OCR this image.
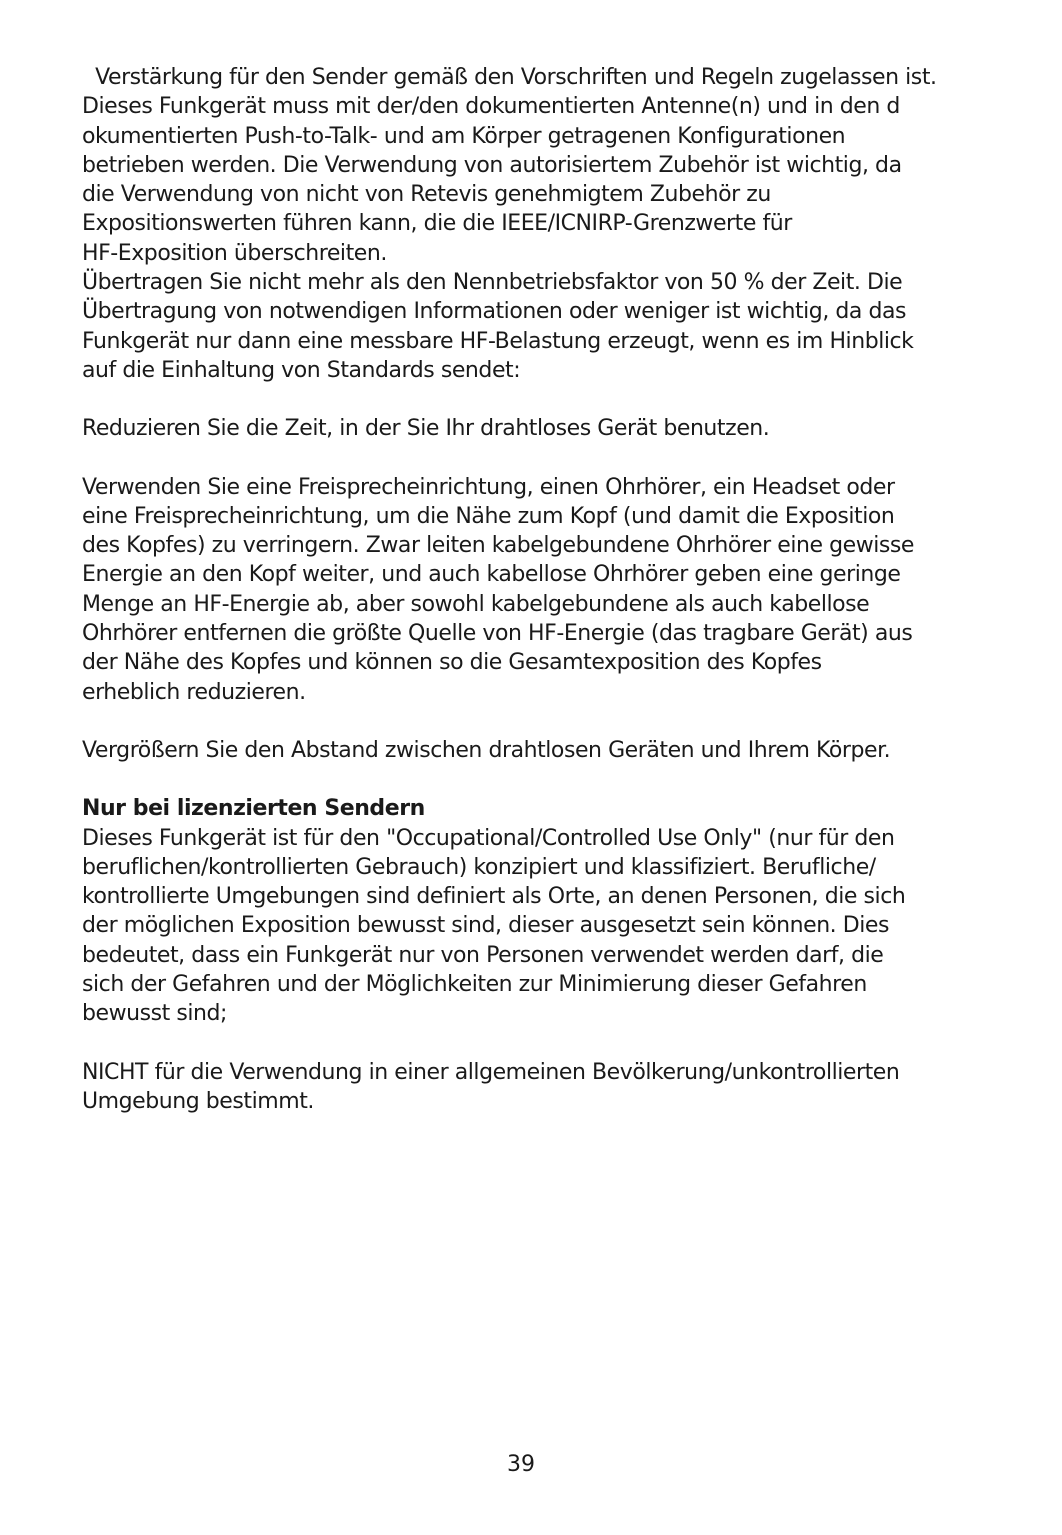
Verstärkung für den Sender gemäß den Vorschriften und Regeln zugelassen ist.
Dieses Funkgerät muss mit der/den dokumentierten Antenne(n) und in den d
okumentierten Push-to-Talk- und am Körper getragenen Konfigurationen
betrieben werden. Die Verwendung von autorisiertem Zubehör ist wichtig, da
die Verwendung von nicht von Retevis genehmigtem Zubehör zu
Expositionswerten führen kann, die die IEEE/ICNIRP-Grenzwerte für
HF-Exposition überschreiten.
Übertragen Sie nicht mehr als den Nennbetriebsfaktor von 50 % der Zeit. Die
Übertragung von notwendigen Informationen oder weniger ist wichtig, da das
Funkgerät nur dann eine messbare HF-Belastung erzeugt, wenn es im Hinblick
auf die Einhaltung von Standards sendet:

Reduzieren Sie die Zeit, in der Sie Ihr drahtloses Gerät benutzen.

Verwenden Sie eine Freisprecheinrichtung, einen Ohrhörer, ein Headset oder
eine Freisprecheinrichtung, um die Nähe zum Kopf (und damit die Exposition
des Kopfes) zu verringern. Zwar leiten kabelgebundene Ohrhörer eine gewisse
Energie an den Kopf weiter, und auch kabellose Ohrhörer geben eine geringe
Menge an HF-Energie ab, aber sowohl kabelgebundene als auch kabellose
Ohrhörer entfernen die größte Quelle von HF-Energie (das tragbare Gerät) aus
der Nähe des Kopfes und können so die Gesamtexposition des Kopfes
erheblich reduzieren.

Vergrößern Sie den Abstand zwischen drahtlosen Geräten und Ihrem Körper.

Nur bei lizenzierten Sendern
Dieses Funkgerät ist für den "Occupational/Controlled Use Only" (nur für den
beruflichen/kontrollierten Gebrauch) konzipiert und klassifiziert. Berufliche/
kontrollierte Umgebungen sind definiert als Orte, an denen Personen, die sich
der möglichen Exposition bewusst sind, dieser ausgesetzt sein können. Dies
bedeutet, dass ein Funkgerät nur von Personen verwendet werden darf, die
sich der Gefahren und der Möglichkeiten zur Minimierung dieser Gefahren
bewusst sind;

NICHT für die Verwendung in einer allgemeinen Bevölkerung/unkontrollierten
Umgebung bestimmt.

39
